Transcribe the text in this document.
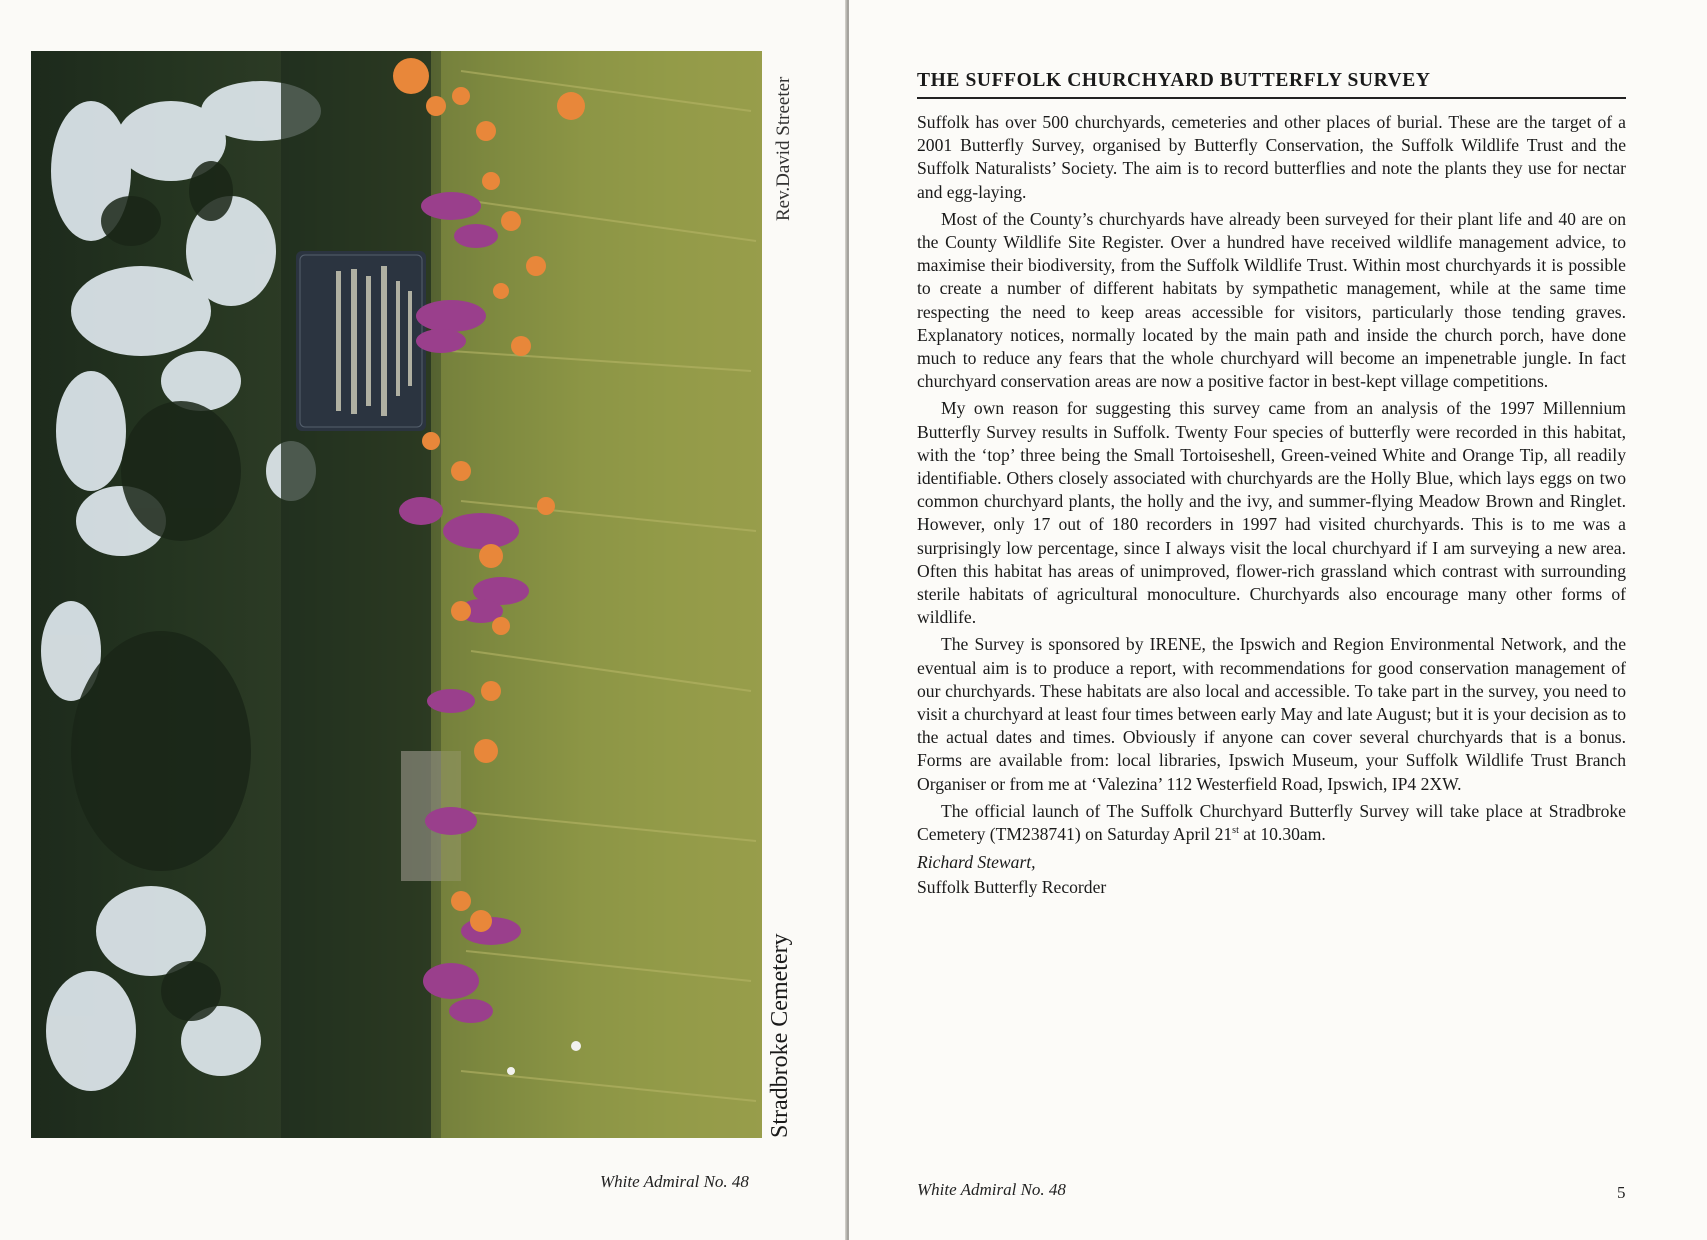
Rev.David Streeter
Stradbroke Cemetery
White Admiral No. 48
THE SUFFOLK CHURCHYARD BUTTERFLY SURVEY

Suffolk has over 500 churchyards, cemeteries and other places of burial. These are the target of a 2001 Butterfly Survey, organised by Butterfly Conservation, the Suffolk Wildlife Trust and the Suffolk Naturalists’ Society. The aim is to record butterflies and note the plants they use for nectar and egg-laying.

Most of the County’s churchyards have already been surveyed for their plant life and 40 are on the County Wildlife Site Register. Over a hundred have received wildlife management advice, to maximise their biodiversity, from the Suffolk Wildlife Trust. Within most churchyards it is possible to create a number of different habitats by sympathetic management, while at the same time respecting the need to keep areas accessible for visitors, particularly those tending graves. Explanatory notices, normally located by the main path and inside the church porch, have done much to reduce any fears that the whole churchyard will become an impenetrable jungle. In fact churchyard conservation areas are now a positive factor in best-kept village competitions.

My own reason for suggesting this survey came from an analysis of the 1997 Millennium Butterfly Survey results in Suffolk. Twenty Four species of butterfly were recorded in this habitat, with the ‘top’ three being the Small Tortoiseshell, Green-veined White and Orange Tip, all readily identifiable. Others closely associated with churchyards are the Holly Blue, which lays eggs on two common churchyard plants, the holly and the ivy, and summer-flying Meadow Brown and Ringlet. However, only 17 out of 180 recorders in 1997 had visited churchyards. This is to me was a surprisingly low percentage, since I always visit the local churchyard if I am surveying a new area. Often this habitat has areas of unimproved, flower-rich grassland which contrast with surrounding sterile habitats of agricultural monoculture. Churchyards also encourage many other forms of wildlife.

The Survey is sponsored by IRENE, the Ipswich and Region Environmental Network, and the eventual aim is to produce a report, with recommendations for good conservation management of our churchyards. These habitats are also local and accessible. To take part in the survey, you need to visit a churchyard at least four times between early May and late August; but it is your decision as to the actual dates and times. Obviously if anyone can cover several churchyards that is a bonus. Forms are available from: local libraries, Ipswich Museum, your Suffolk Wildlife Trust Branch Organiser or from me at ‘Valezina’ 112 Westerfield Road, Ipswich, IP4 2XW.

The official launch of The Suffolk Churchyard Butterfly Survey will take place at Stradbroke Cemetery (TM238741) on Saturday April 21st at 10.30am.

Richard Stewart,
Suffolk Butterfly Recorder
White Admiral No. 48	5
